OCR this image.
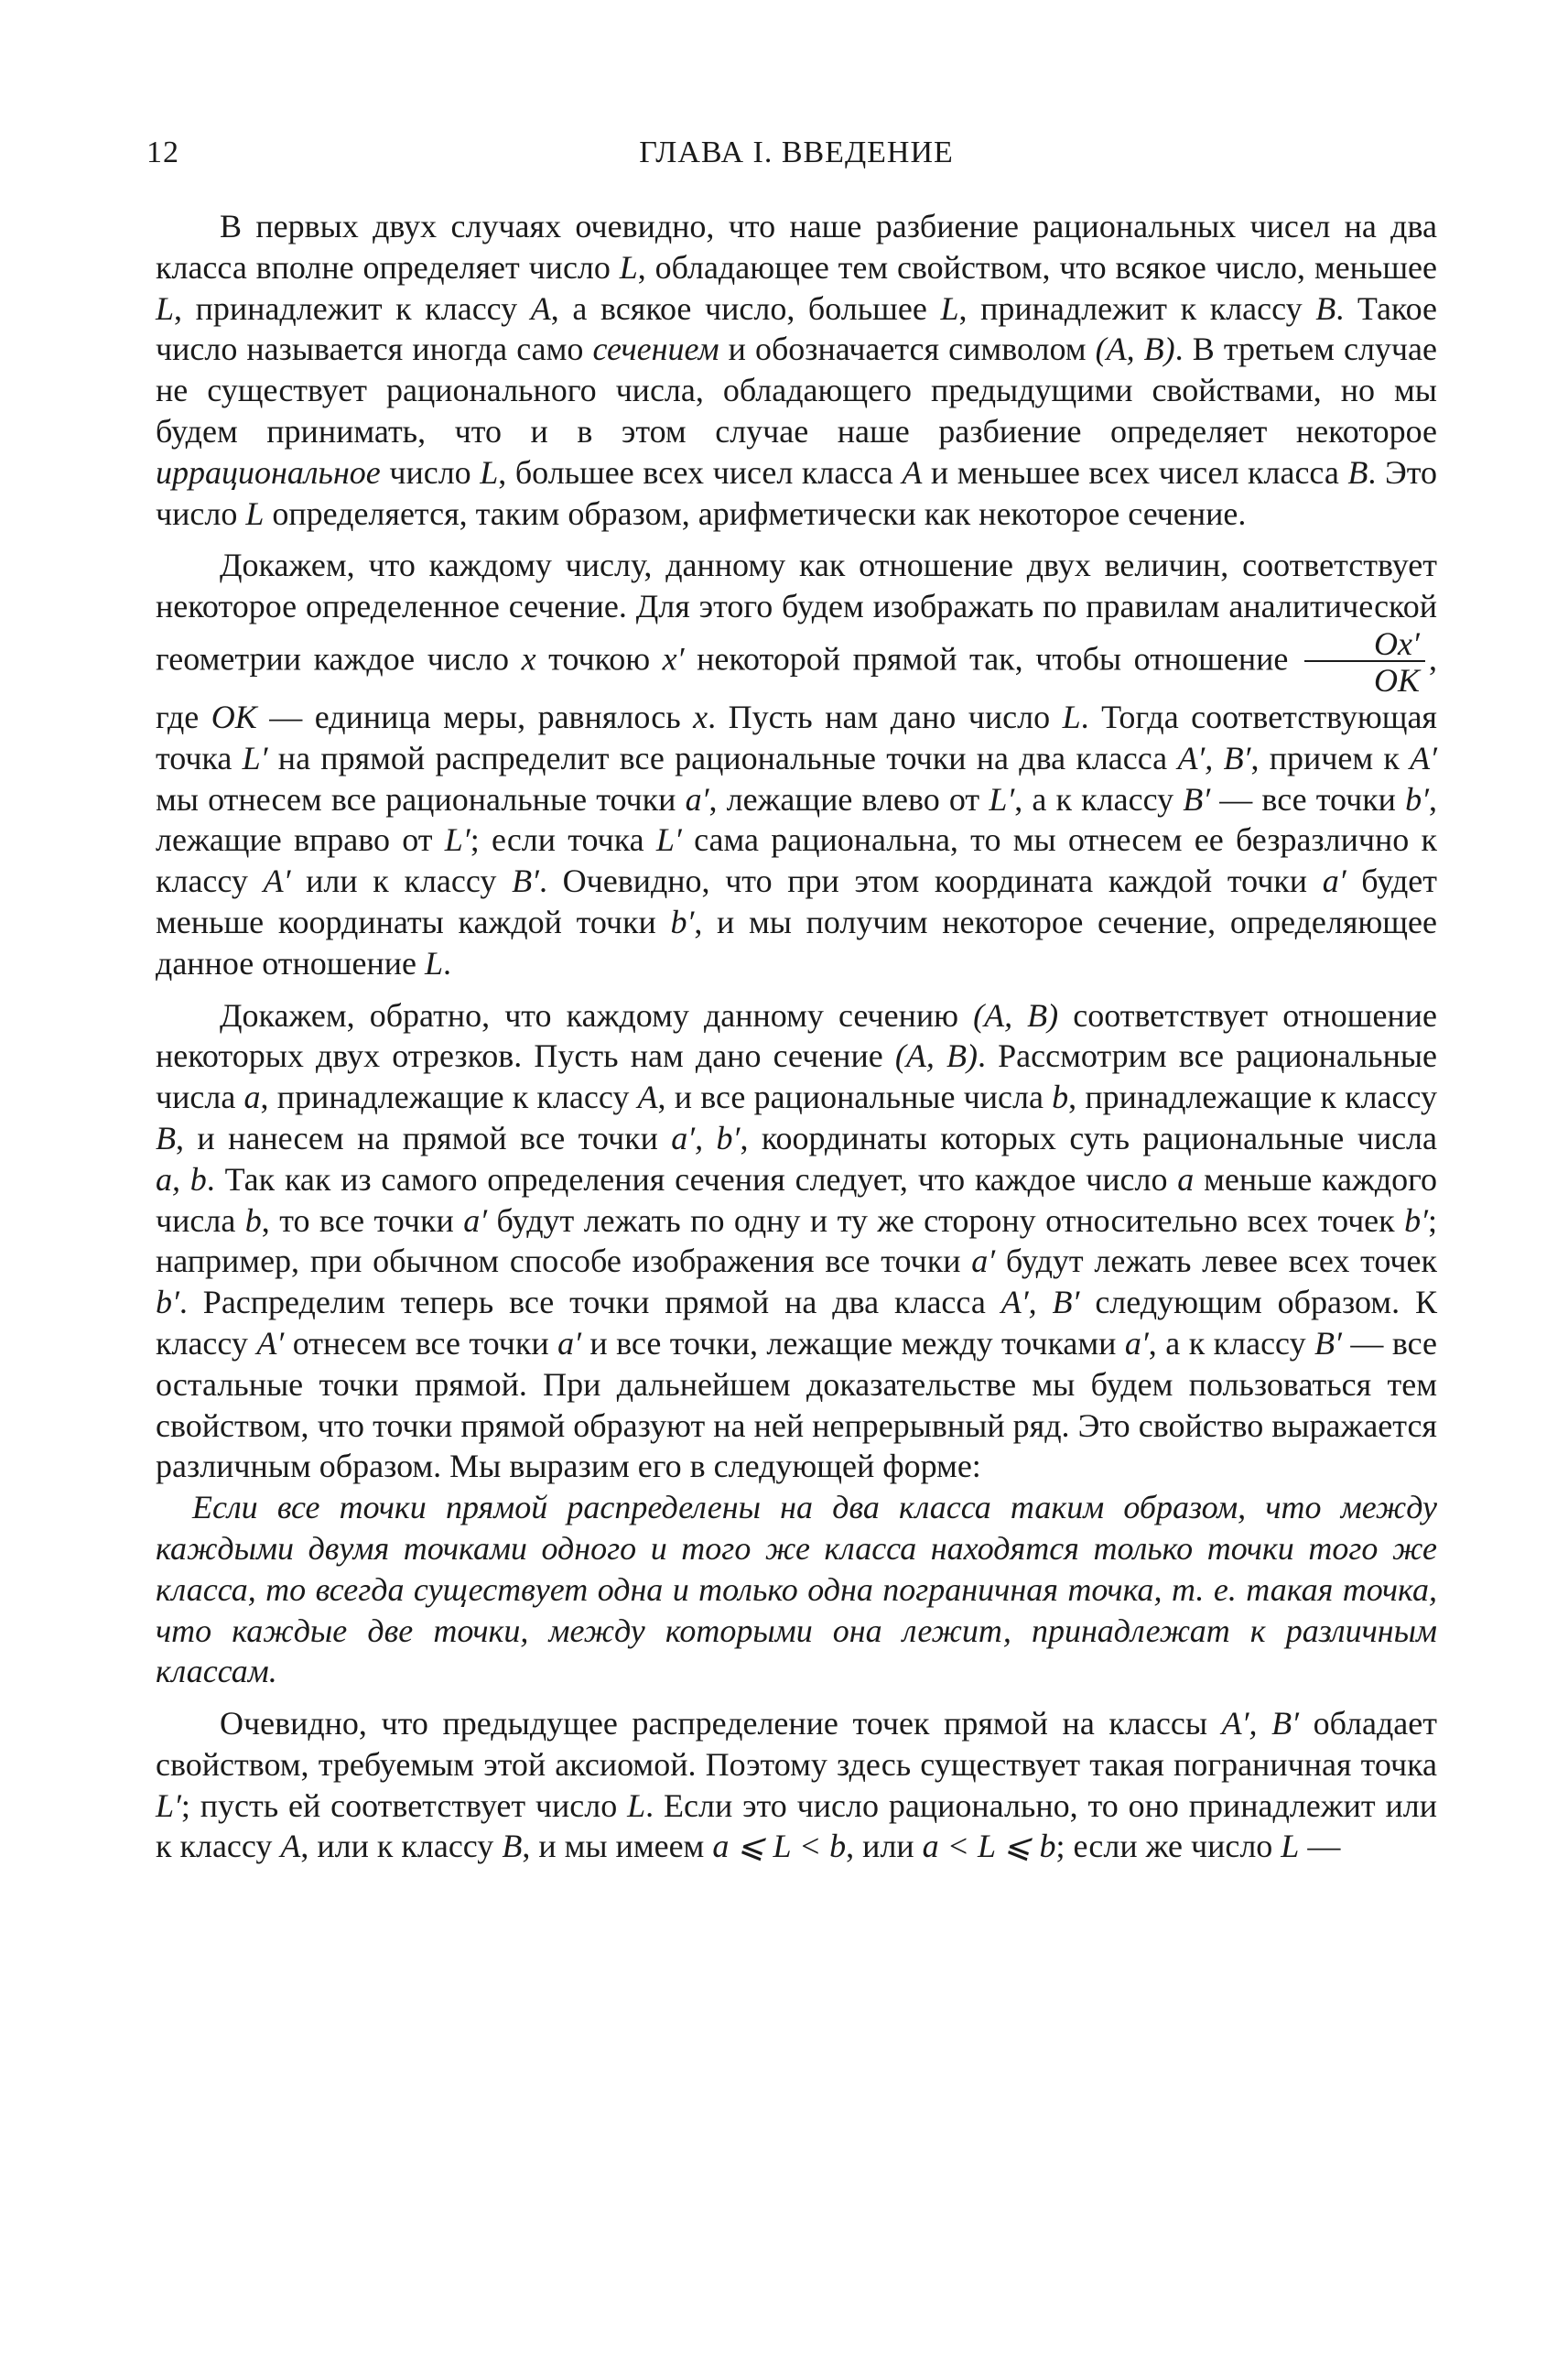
12	ГЛАВА I. ВВЕДЕНИЕ

В первых двух случаях очевидно, что наше разбиение рациональных чисел на два класса вполне определяет число L, обладающее тем свойством, что всякое число, меньшее L, принадлежит к классу A, а всякое число, большее L, принадлежит к классу B. Такое число называется иногда само сечением и обозначается символом (A, B). В третьем случае не существует рационального числа, обладающего предыдущими свойствами, но мы будем принимать, что и в этом случае наше разбиение определяет некоторое иррациональное число L, большее всех чисел класса A и меньшее всех чисел класса B. Это число L определяется, таким образом, арифметически как некоторое сечение.

Докажем, что каждому числу, данному как отношение двух величин, соответствует некоторое определенное сечение. Для этого будем изображать по правилам аналитической геометрии каждое число x точкою x′ некоторой прямой так, чтобы отношение $\frac{Ox'}{OK}$ , где OK — единица меры, равнялось x. Пусть нам дано число L. Тогда соответствующая точка L′ на прямой распределит все рациональные точки на два класса A′, B′, причем к A′ мы отнесем все рациональные точки a′, лежащие влево от L′, а к классу B′ — все точки b′, лежащие вправо от L′; если точка L′ сама рациональна, то мы отнесем ее безразлично к классу A′ или к классу B′. Очевидно, что при этом координата каждой точки a′ будет меньше координаты каждой точки b′, и мы получим некоторое сечение, определяющее данное отношение L.

Докажем, обратно, что каждому данному сечению (A, B) соответствует отношение некоторых двух отрезков. Пусть нам дано сечение (A, B). Рассмотрим все рациональные числа a, принадлежащие к классу A, и все рациональные числа b, принадлежащие к классу B, и нанесем на прямой все точки a′, b′, координаты которых суть рациональные числа a, b. Так как из самого определения сечения следует, что каждое число a меньше каждого числа b, то все точки a′ будут лежать по одну и ту же сторону относительно всех точек b′; например, при обычном способе изображения все точки a′ будут лежать левее всех точек b′. Распределим теперь все точки прямой на два класса A′, B′ следующим образом. К классу A′ отнесем все точки a′ и все точки, лежащие между точками a′, а к классу B′ — все остальные точки прямой. При дальнейшем доказательстве мы будем пользоваться тем свойством, что точки прямой образуют на ней непрерывный ряд. Это свойство выражается различным образом. Мы выразим его в следующей форме:

Если все точки прямой распределены на два класса таким образом, что между каждыми двумя точками одного и того же класса находятся только точки того же класса, то всегда существует одна и только одна пограничная точка, т. е. такая точка, что каждые две точки, между которыми она лежит, принадлежат к различным классам.

Очевидно, что предыдущее распределение точек прямой на классы A′, B′ обладает свойством, требуемым этой аксиомой. Поэтому здесь существует такая пограничная точка L′; пусть ей соответствует число L. Если это число рационально, то оно принадлежит или к классу A, или к классу B, и мы имеем a ⩽ L < b, или a < L ⩽ b; если же число L —
